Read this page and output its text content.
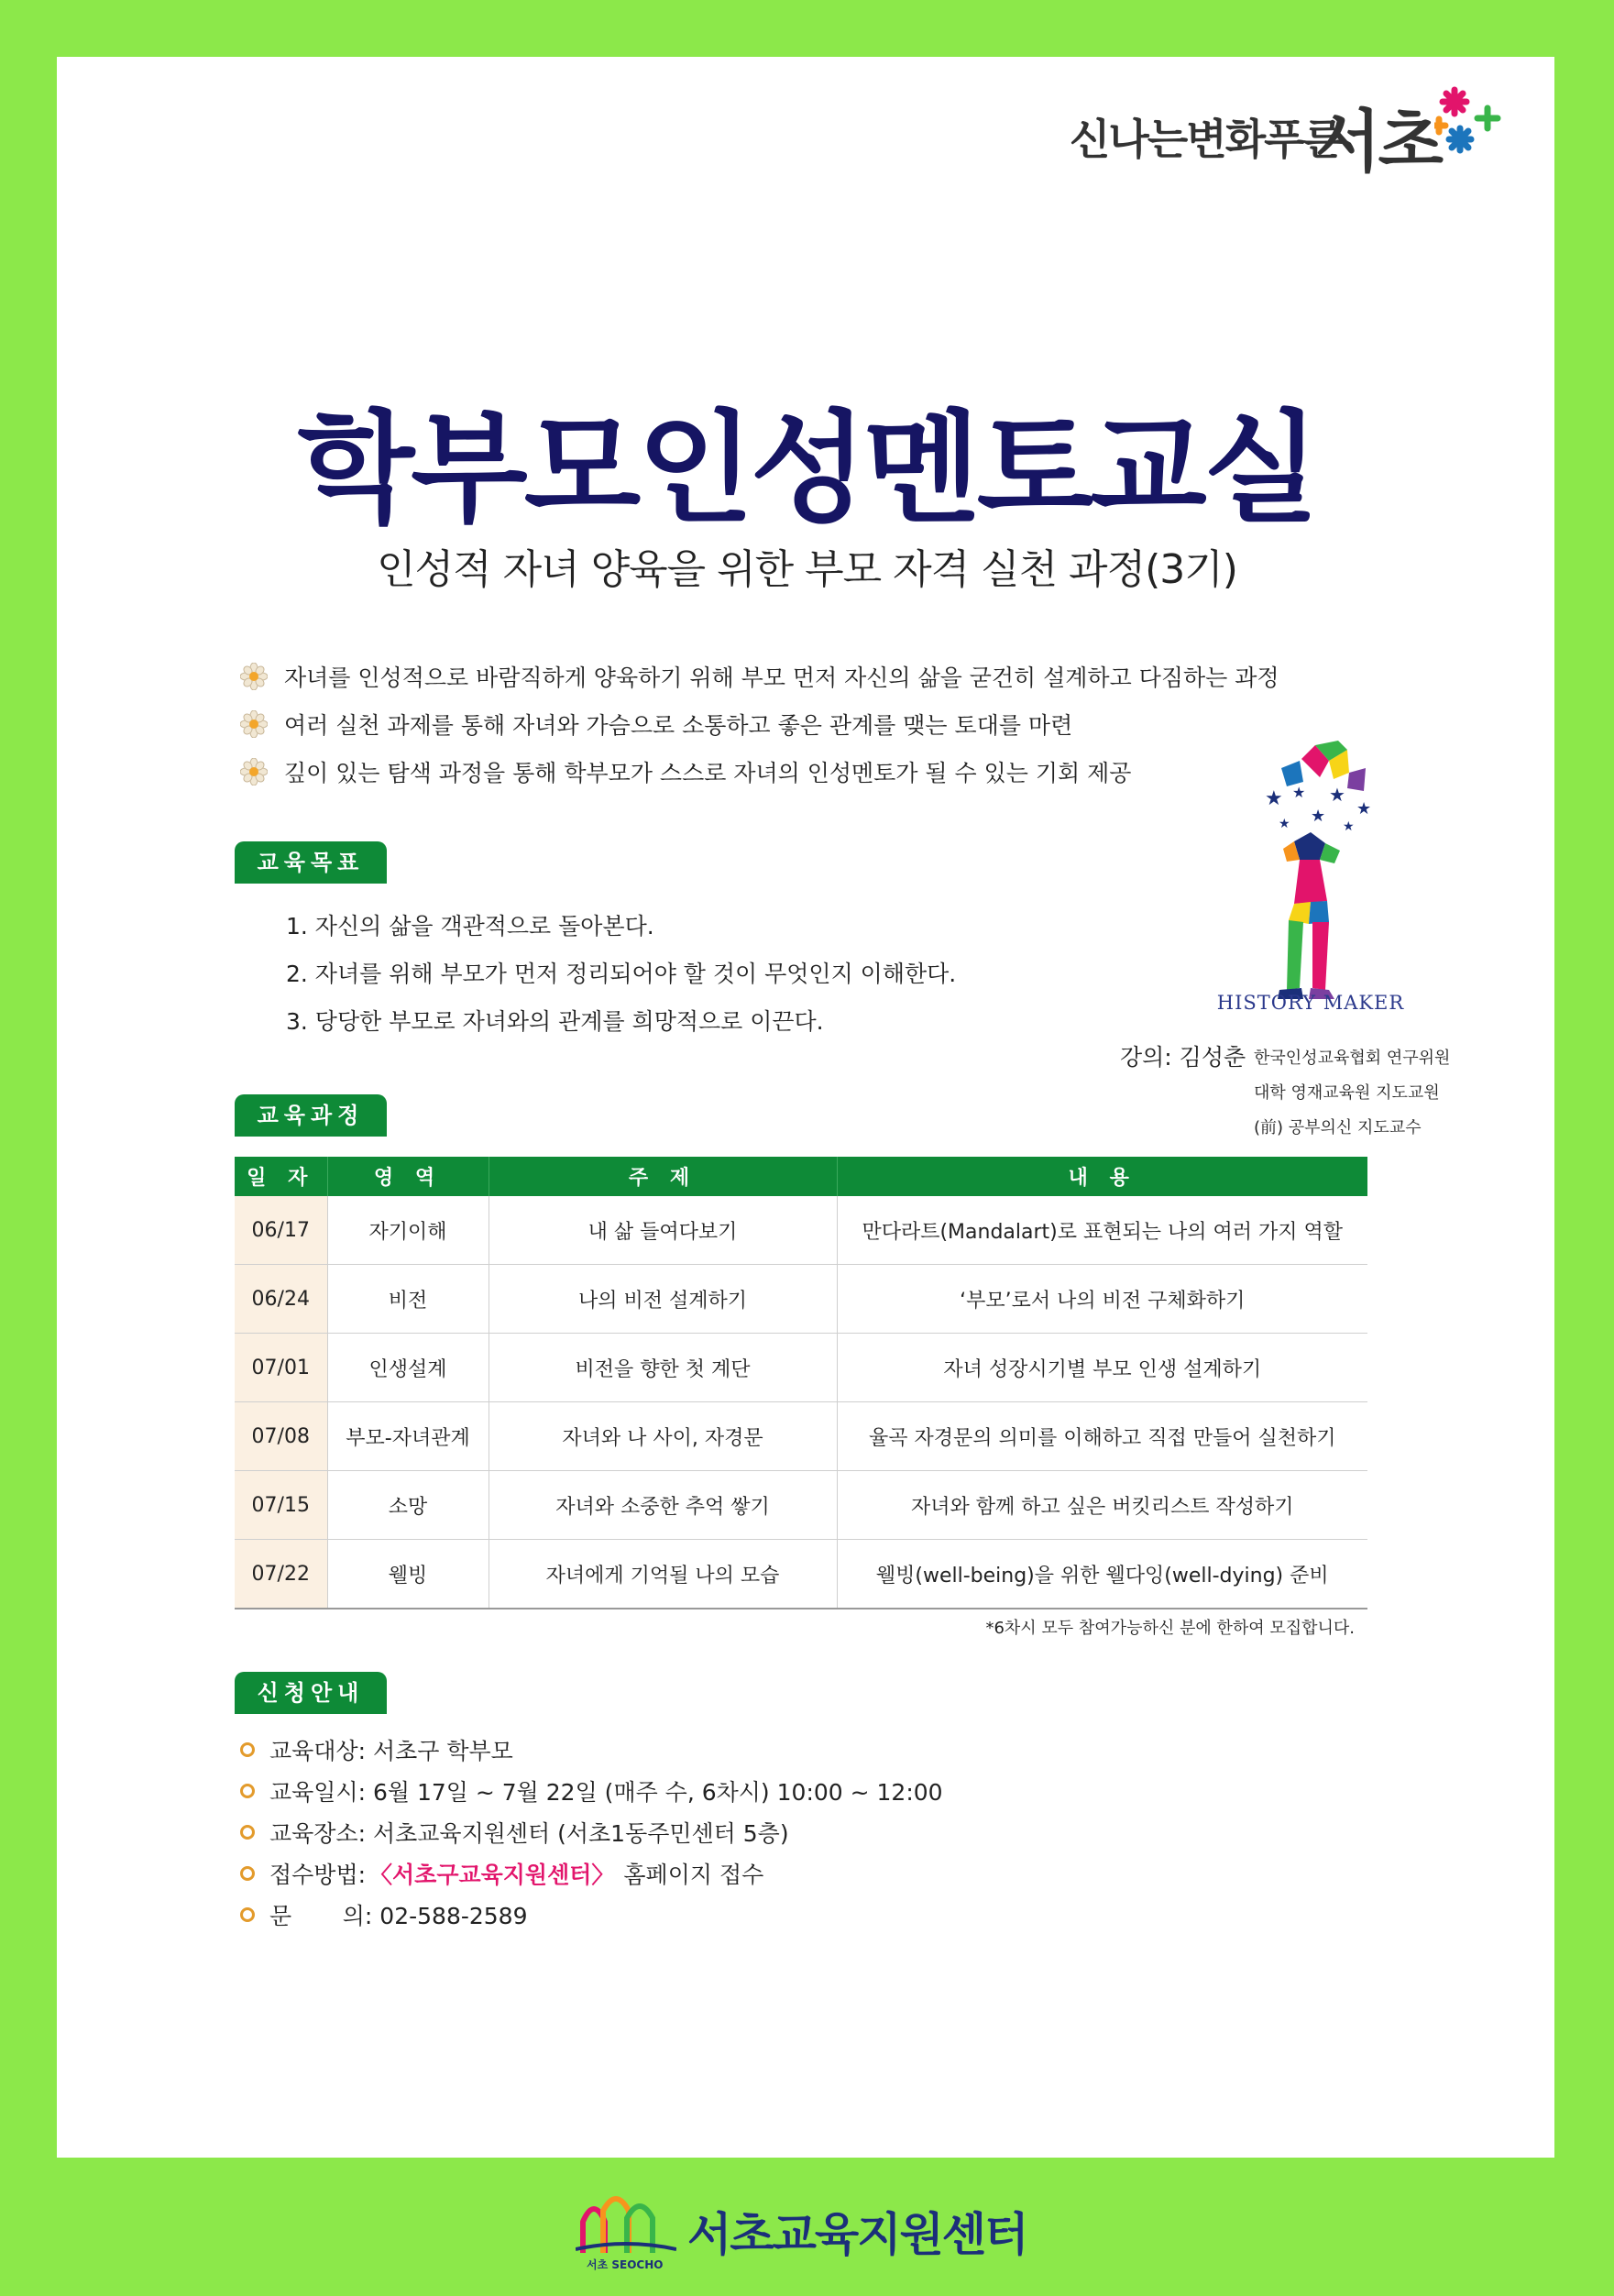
신나는변화푸른
서초
학부모인성멘토교실
인성적 자녀 양육을 위한 부모 자격 실천 과정(3기)
자녀를 인성적으로 바람직하게 양육하기 위해 부모 먼저 자신의 삶을 굳건히 설계하고 다짐하는 과정
여러 실천 과제를 통해 자녀와 가슴으로 소통하고 좋은 관계를 맺는 토대를 마련
깊이 있는 탐색 과정을 통해 학부모가 스스로 자녀의 인성멘토가 될 수 있는 기회 제공
교육목표
1. 자신의 삶을 객관적으로 돌아본다.
2. 자녀를 위해 부모가 먼저 정리되어야 할 것이 무엇인지 이해한다.
3. 당당한 부모로 자녀와의 관계를 희망적으로 이끈다.
★ ★ ★
★
★	★
★
HISTORY MAKER
강의: 김성춘 한국인성교육협회 연구위원
대학 영재교육원 지도교원
(前) 공부의신 지도교수
교육과정
일 자	영 역	주 제	내 용
06/17	자기이해	내 삶 들여다보기	만다라트(Mandalart)로 표현되는 나의 여러 가지 역할
06/24	비전	나의 비전 설계하기	‘부모’로서 나의 비전 구체화하기
07/01	인생설계	비전을 향한 첫 계단	자녀 성장시기별 부모 인생 설계하기
07/08	부모-자녀관계	자녀와 나 사이, 자경문	율곡 자경문의 의미를 이해하고 직접 만들어 실천하기
07/15	소망	자녀와 소중한 추억 쌓기	자녀와 함께 하고 싶은 버킷리스트 작성하기
07/22	웰빙	자녀에게 기억될 나의 모습	웰빙(well-being)을 위한 웰다잉(well-dying) 준비
*6차시 모두 참여가능하신 분에 한하여 모집합니다.
신청안내
교육대상: 서초구 학부모
교육일시: 6월 17일 ~ 7월 22일 (매주 수, 6차시) 10:00 ~ 12:00
교육장소: 서초교육지원센터 (서초1동주민센터 5층)
접수방법: 〈서초구교육지원센터〉 홈페이지 접수
문       의: 02-588-2589
서초 SEOCHO
서초교육지원센터
